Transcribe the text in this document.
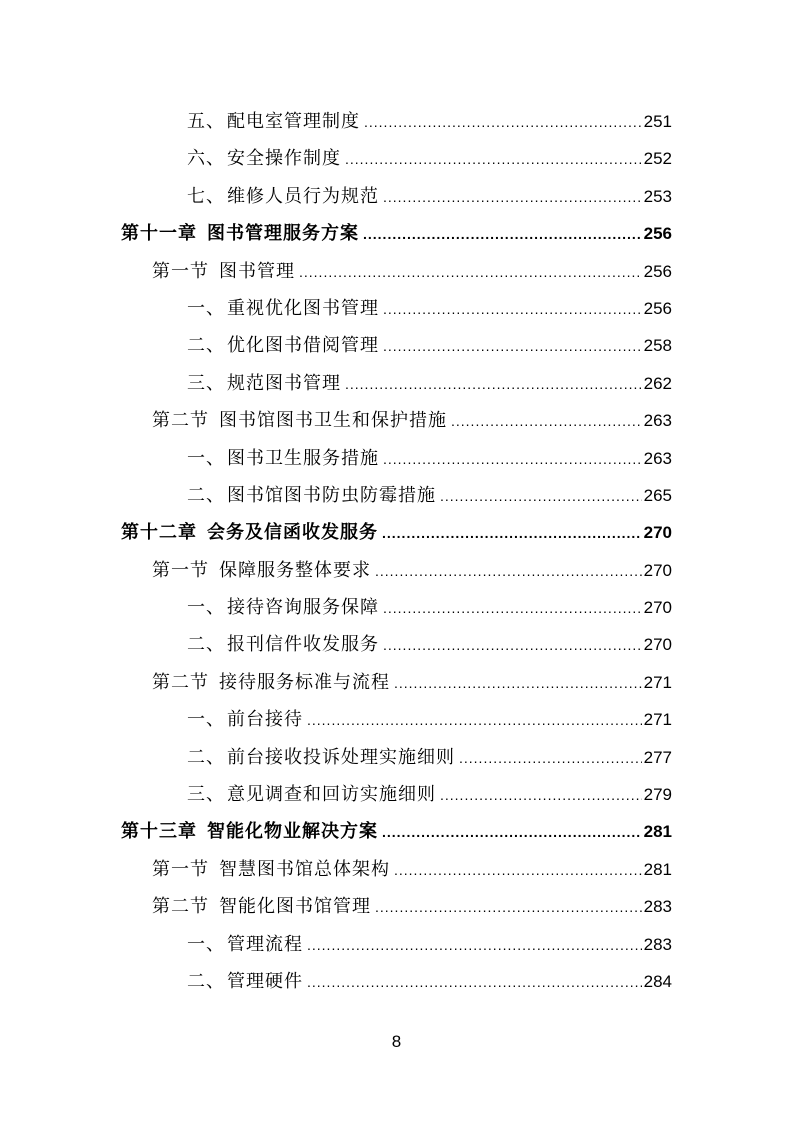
五、 配电室管理制度 .....	251
六、 安全操作制度 .....	252
七、 维修人员行为规范 .....	253
第十一章 图书管理服务方案 .....	256
第一节 图书管理 .....	256
一、 重视优化图书管理 .....	256
二、 优化图书借阅管理 .....	258
三、 规范图书管理 .....	262
第二节 图书馆图书卫生和保护措施 .....	263
一、 图书卫生服务措施 .....	263
二、 图书馆图书防虫防霉措施 .....	265
第十二章 会务及信函收发服务 .....	270
第一节 保障服务整体要求 .....	270
一、 接待咨询服务保障 .....	270
二、 报刊信件收发服务 .....	270
第二节 接待服务标准与流程 .....	271
一、 前台接待 .....	271
二、 前台接收投诉处理实施细则 .....	277
三、 意见调查和回访实施细则 .....	279
第十三章 智能化物业解决方案 .....	281
第一节 智慧图书馆总体架构 .....	281
第二节 智能化图书馆管理 .....	283
一、 管理流程 .....	283
二、 管理硬件 .....	284
8
